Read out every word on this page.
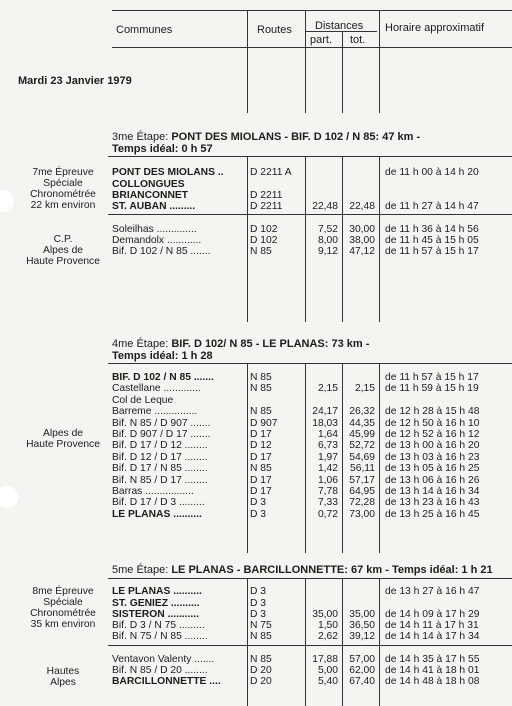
Communes	Routes Distances
part. tot.
Horaire approximatif
Mardi 23 Janvier 1979
3me Étape: PONT DES MIOLANS - BIF. D 102 / N 85: 47 km -
Temps idéal: 0 h 57
7me Épreuve
Spéciale
Chronométrée
22 km environ
C.P.
Alpes de
Haute Provence
PONT DES MIOLANS ..	D 2211 A	de 11 h 00 à 14 h 20
COLLONGUES
BRIANCONNET	D 2211
ST. AUBAN .........	D 2211	22,48	22,48 de 11 h 27 à 14 h 47
Soleilhas ..............	D 102	7,52	30,00 de 11 h 36 à 14 h 56
Demandolx ............	D 102	8,00	38,00 de 11 h 45 à 15 h 05
Bif. D 102 / N 85 .......	N 85	9,12	47,12 de 11 h 57 à 15 h 17
4me Étape: BIF. D 102/ N 85 - LE PLANAS: 73 km -
Temps idéal: 1 h 28
Alpes de
Haute Provence
BIF. D 102 / N 85 .......	N 85	de 11 h 57 à 15 h 17
Castellane .............	N 85	2,15	2,15 de 11 h 59 à 15 h 19
Col de Leque
Barreme ...............	N 85	24,17	26,32 de 12 h 28 à 15 h 48
Bif. N 85 / D 907 .......	D 907	18,03	44,35 de 12 h 50 à 16 h 10
Bif. D 907 / D 17 .......	D 17	1,64	45,99 de 12 h 52 à 16 h 12
Bif. D 17 / D 12 ........	D 12	6,73	52,72 de 13 h 00 à 16 h 20
Bif. D 12 / D 17 ........	D 17	1,97	54,69 de 13 h 03 à 16 h 23
Bif. D 17 / N 85 ........	N 85	1,42	56,11 de 13 h 05 à 16 h 25
Bif. N 85 / D 17 ........	D 17	1,06	57,17 de 13 h 06 à 16 h 26
Barras .................	D 17	7,78	64,95 de 13 h 14 à 16 h 34
Bif. D 17 / D 3 .........	D 3	7,33	72,28 de 13 h 23 à 16 h 43
LE PLANAS ..........	D 3	0,72	73,00 de 13 h 25 à 16 h 45
5me Étape: LE PLANAS - BARCILLONNETTE: 67 km - Temps idéal: 1 h 21
8me Épreuve
Spéciale
Chronométrée
35 km environ
Hautes
Alpes
LE PLANAS ..........	D 3	de 13 h 27 à 16 h 47
ST. GENIEZ ..........	D 3
SISTERON ...........	D 3	35,00	35,00 de 14 h 09 à 17 h 29
Bif. D 3 / N 75 .........	N 75	1,50	36,50 de 14 h 11 à 17 h 31
Bif. N 75 / N 85 ........	N 85	2,62	39,12 de 14 h 14 à 17 h 34
Ventavon Valenty .......	N 85	17,88	57,00 de 14 h 35 à 17 h 55
Bif. N 85 / D 20 ........	D 20	5,00	62,00 de 14 h 41 à 18 h 01
BARCILLONNETTE ....	D 20	5,40	67,40 de 14 h 48 à 18 h 08
